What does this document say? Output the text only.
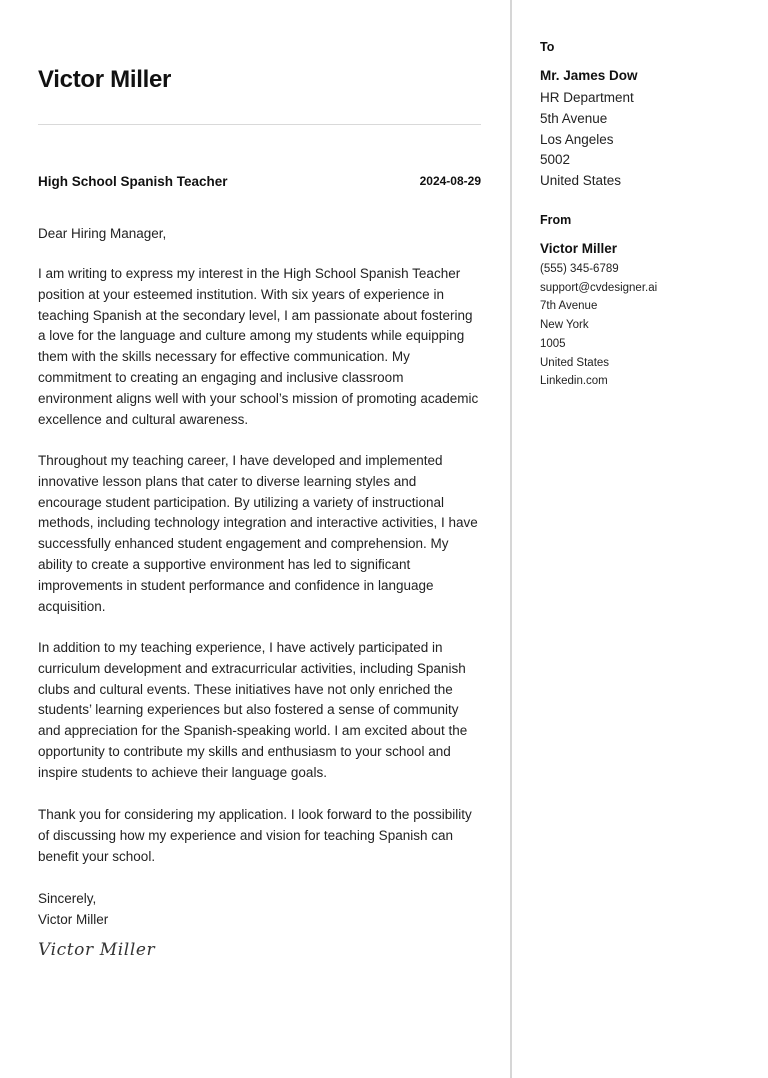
Victor Miller
High School Spanish Teacher	2024-08-29
Dear Hiring Manager,

I am writing to express my interest in the High School Spanish Teacher position at your esteemed institution. With six years of experience in teaching Spanish at the secondary level, I am passionate about fostering a love for the language and culture among my students while equipping them with the skills necessary for effective communication. My commitment to creating an engaging and inclusive classroom environment aligns well with your school’s mission of promoting academic excellence and cultural awareness.

Throughout my teaching career, I have developed and implemented innovative lesson plans that cater to diverse learning styles and encourage student participation. By utilizing a variety of instructional methods, including technology integration and interactive activities, I have successfully enhanced student engagement and comprehension. My ability to create a supportive environment has led to significant improvements in student performance and confidence in language acquisition.

In addition to my teaching experience, I have actively participated in curriculum development and extracurricular activities, including Spanish clubs and cultural events. These initiatives have not only enriched the students’ learning experiences but also fostered a sense of community and appreciation for the Spanish-speaking world. I am excited about the opportunity to contribute my skills and enthusiasm to your school and inspire students to achieve their language goals.

Thank you for considering my application. I look forward to the possibility of discussing how my experience and vision for teaching Spanish can benefit your school.

Sincerely,
Victor Miller
Victor Miller
To
Mr. James Dow
HR Department
5th Avenue
Los Angeles
5002
United States
From
Victor Miller
(555) 345-6789
support@cvdesigner.ai
7th Avenue
New York
1005
United States
Linkedin.com
